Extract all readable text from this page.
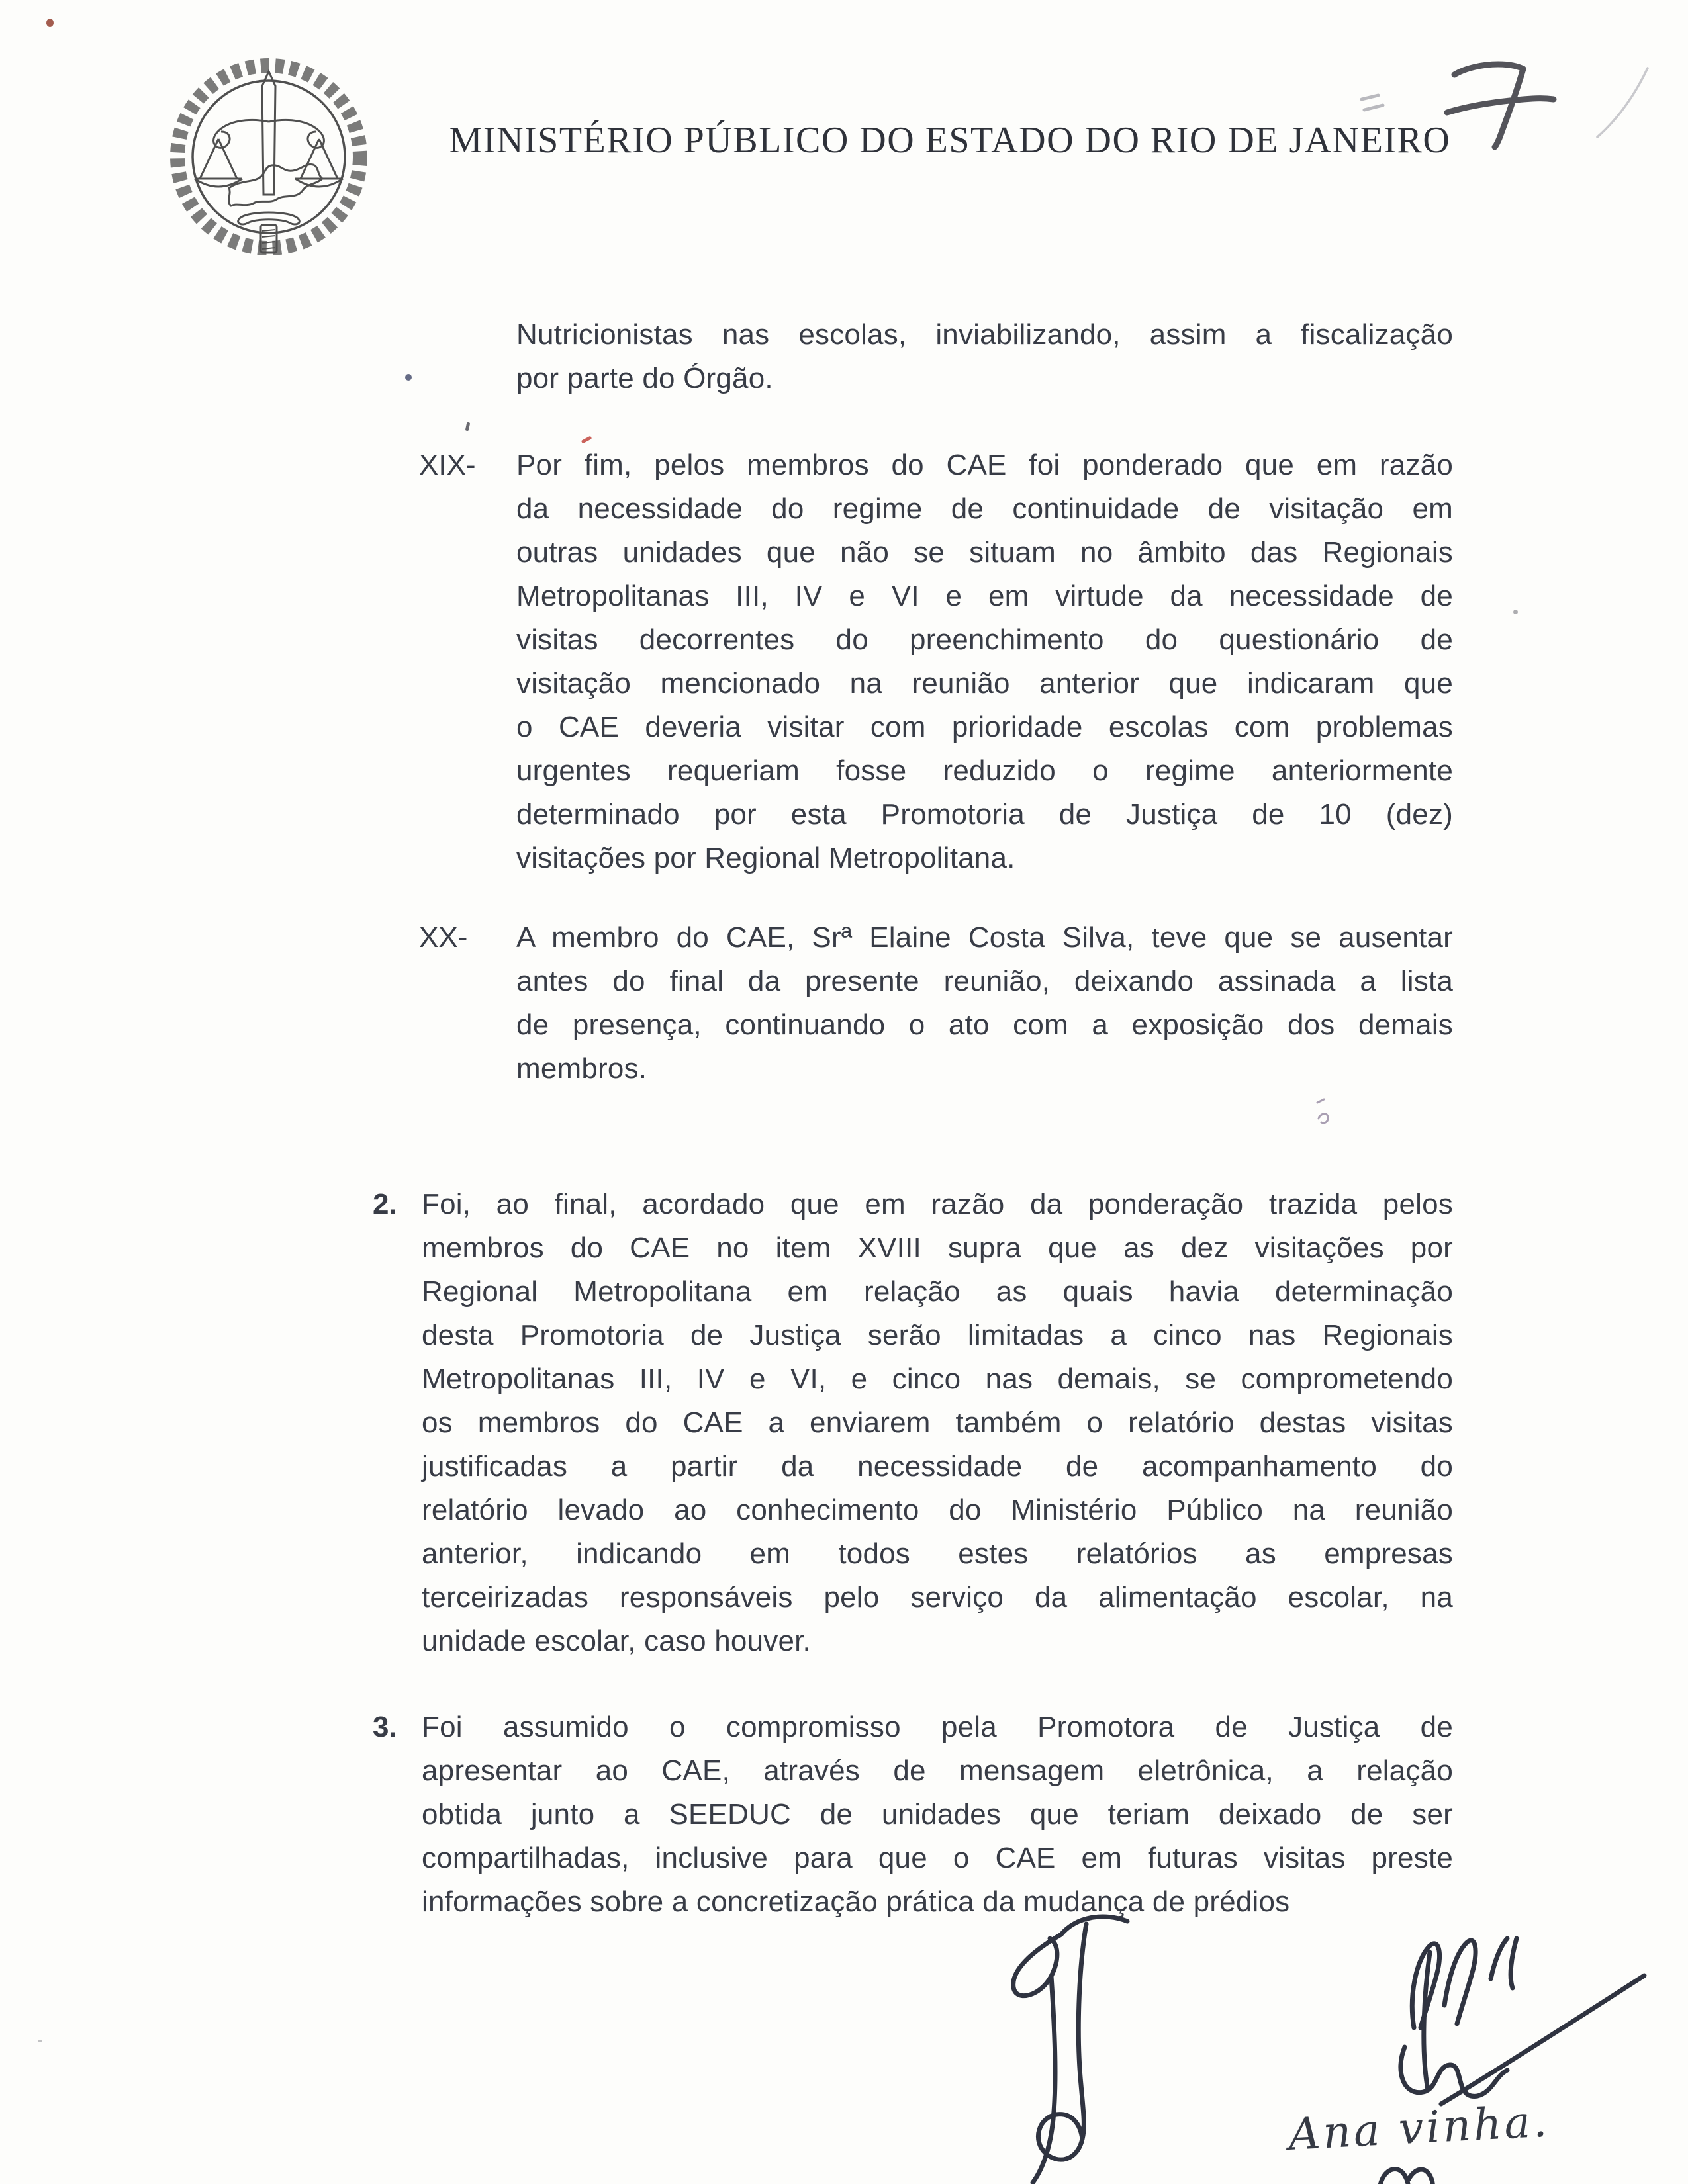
MINISTÉRIO PÚBLICO DO ESTADO DO RIO DE JANEIRO
Nutricionistas nas escolas, inviabilizando, assim a fiscalização
por parte do Órgão.
XIX- Por fim, pelos membros do CAE foi ponderado que em razão
da necessidade do regime de continuidade de visitação em
outras unidades que não se situam no âmbito das Regionais
Metropolitanas III, IV e VI e em virtude da necessidade de
visitas decorrentes do preenchimento do questionário de
visitação mencionado na reunião anterior que indicaram que
o CAE deveria visitar com prioridade escolas com problemas
urgentes requeriam fosse reduzido o regime anteriormente
determinado por esta Promotoria de Justiça de 10 (dez)
visitações por Regional Metropolitana.
XX- A membro do CAE, Srª Elaine Costa Silva, teve que se ausentar
antes do final da presente reunião, deixando assinada a lista
de presença, continuando o ato com a exposição dos demais
membros.
2. Foi, ao final, acordado que em razão da ponderação trazida pelos
membros do CAE no item XVIII supra que as dez visitações por
Regional Metropolitana em relação as quais havia determinação
desta Promotoria de Justiça serão limitadas a cinco nas Regionais
Metropolitanas III, IV e VI, e cinco nas demais, se comprometendo
os membros do CAE a enviarem também o relatório destas visitas
justificadas a partir da necessidade de acompanhamento do
relatório levado ao conhecimento do Ministério Público na reunião
anterior, indicando em todos estes relatórios as empresas
terceirizadas responsáveis pelo serviço da alimentação escolar, na
unidade escolar, caso houver.
3. Foi assumido o compromisso pela Promotora de Justiça de
apresentar ao CAE, através de mensagem eletrônica, a relação
obtida junto a SEEDUC de unidades que teriam deixado de ser
compartilhadas, inclusive para que o CAE em futuras visitas preste
informações sobre a concretização prática da mudança de prédios
Ana vinha.
